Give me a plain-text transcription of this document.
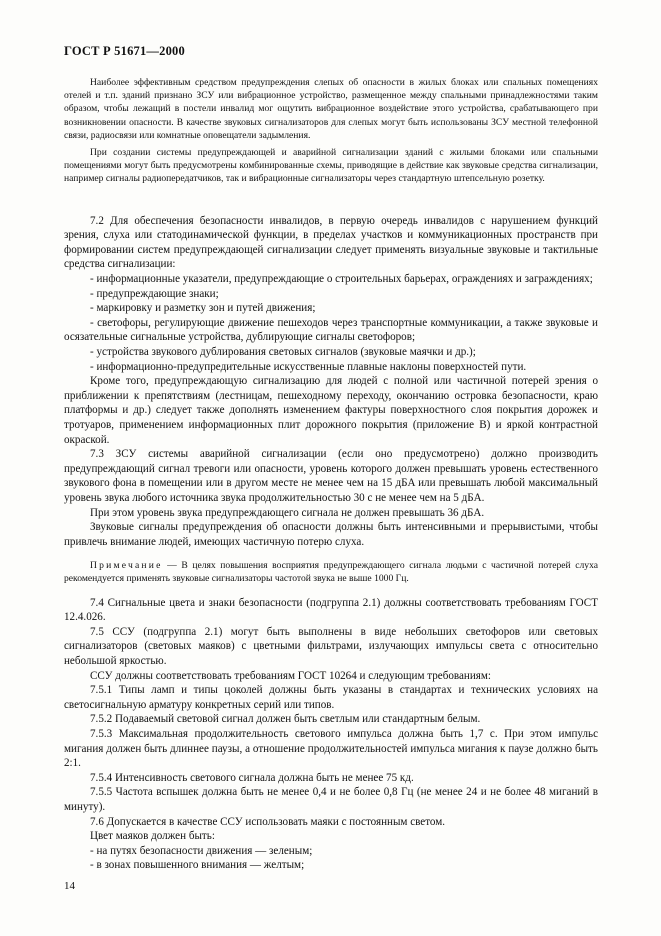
ГОСТ Р 51671—2000

Наиболее эффективным средством предупреждения слепых об опасности в жилых блоках или спальных помещениях отелей и т.п. зданий признано ЗСУ или вибрационное устройство, размещенное между спальными принадлежностями таким образом, чтобы лежащий в постели инвалид мог ощутить вибрационное воздействие этого устройства, срабатывающего при возникновении опасности. В качестве звуковых сигнализаторов для слепых могут быть использованы ЗСУ местной телефонной связи, радиосвязи или комнатные оповещатели задымления.

При создании системы предупреждающей и аварийной сигнализации зданий с жилыми блоками или спальными помещениями могут быть предусмотрены комбинированные схемы, приводящие в действие как звуковые средства сигнализации, например сигналы радиопередатчиков, так и вибрационные сигнализаторы через стандартную штепсельную розетку.

7.2 Для обеспечения безопасности инвалидов, в первую очередь инвалидов с нарушением функций зрения, слуха или статодинамической функции, в пределах участков и коммуникационных пространств при формировании систем предупреждающей сигнализации следует применять визуальные звуковые и тактильные средства сигнализации:

- информационные указатели, предупреждающие о строительных барьерах, ограждениях и заграждениях;

- предупреждающие знаки;

- маркировку и разметку зон и путей движения;

- светофоры, регулирующие движение пешеходов через транспортные коммуникации, а также звуковые и осязательные сигнальные устройства, дублирующие сигналы светофоров;

- устройства звукового дублирования световых сигналов (звуковые маячки и др.);

- информационно-предупредительные искусственные плавные наклоны поверхностей пути.

Кроме того, предупреждающую сигнализацию для людей с полной или частичной потерей зрения о приближении к препятствиям (лестницам, пешеходному переходу, окончанию островка безопасности, краю платформы и др.) следует также дополнять изменением фактуры поверхностного слоя покрытия дорожек и тротуаров, применением информационных плит дорожного покрытия (приложение В) и яркой контрастной окраской.

7.3 ЗСУ системы аварийной сигнализации (если оно предусмотрено) должно производить предупреждающий сигнал тревоги или опасности, уровень которого должен превышать уровень естественного звукового фона в помещении или в другом месте не менее чем на 15 дБA или превышать любой максимальный уровень звука любого источника звука продолжительностью 30 с не менее чем на 5 дБA.

При этом уровень звука предупреждающего сигнала не должен превышать 36 дБA.

Звуковые сигналы предупреждения об опасности должны быть интенсивными и прерывистыми, чтобы привлечь внимание людей, имеющих частичную потерю слуха.

Примечание — В целях повышения восприятия предупреждающего сигнала людьми с частичной потерей слуха рекомендуется применять звуковые сигнализаторы частотой звука не выше 1000 Гц.

7.4 Сигнальные цвета и знаки безопасности (подгруппа 2.1) должны соответствовать требованиям ГОСТ 12.4.026.

7.5 ССУ (подгруппа 2.1) могут быть выполнены в виде небольших светофоров или световых сигнализаторов (световых маяков) с цветными фильтрами, излучающих импульсы света с относительно небольшой яркостью.

ССУ должны соответствовать требованиям ГОСТ 10264 и следующим требованиям:

7.5.1 Типы ламп и типы цоколей должны быть указаны в стандартах и технических условиях на светосигнальную арматуру конкретных серий или типов.

7.5.2 Подаваемый световой сигнал должен быть светлым или стандартным белым.

7.5.3 Максимальная продолжительность светового импульса должна быть 1,7 с. При этом импульс мигания должен быть длиннее паузы, а отношение продолжительностей импульса мигания к паузе должно быть 2:1.

7.5.4 Интенсивность светового сигнала должна быть не менее 75 кд.

7.5.5 Частота вспышек должна быть не менее 0,4 и не более 0,8 Гц (не менее 24 и не более 48 миганий в минуту).

7.6 Допускается в качестве ССУ использовать маяки с постоянным светом.

Цвет маяков должен быть:

- на путях безопасности движения — зеленым;

- в зонах повышенного внимания — желтым;

14
